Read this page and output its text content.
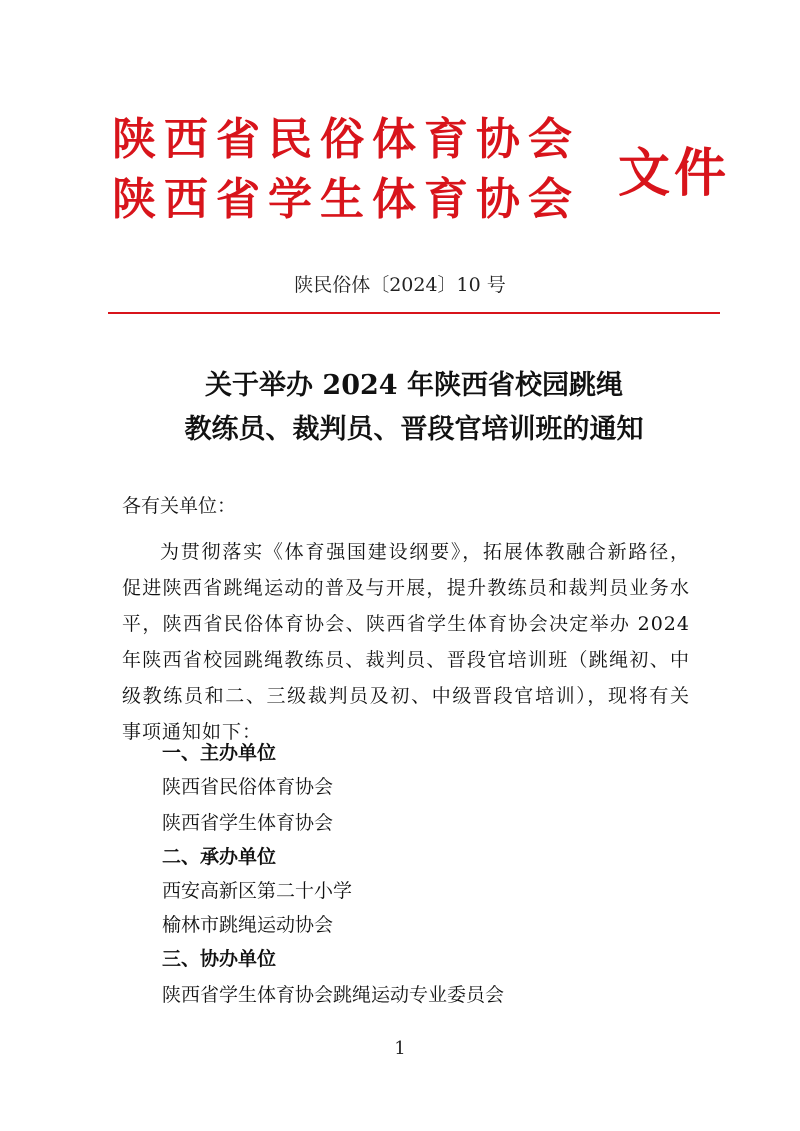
陕西省民俗体育协会
陕西省学生体育协会 文件
陕民俗体〔2024〕10 号
关于举办 2024 年陕西省校园跳绳
教练员、裁判员、晋段官培训班的通知
各有关单位：
为贯彻落实《体育强国建设纲要》，拓展体教融合新路径，促进陕西省跳绳运动的普及与开展，提升教练员和裁判员业务水平，陕西省民俗体育协会、陕西省学生体育协会决定举办 2024 年陕西省校园跳绳教练员、裁判员、晋段官培训班（跳绳初、中级教练员和二、三级裁判员及初、中级晋段官培训），现将有关事项通知如下：
一、主办单位
陕西省民俗体育协会
陕西省学生体育协会
二、承办单位
西安高新区第二十小学
榆林市跳绳运动协会
三、协办单位
陕西省学生体育协会跳绳运动专业委员会
1
